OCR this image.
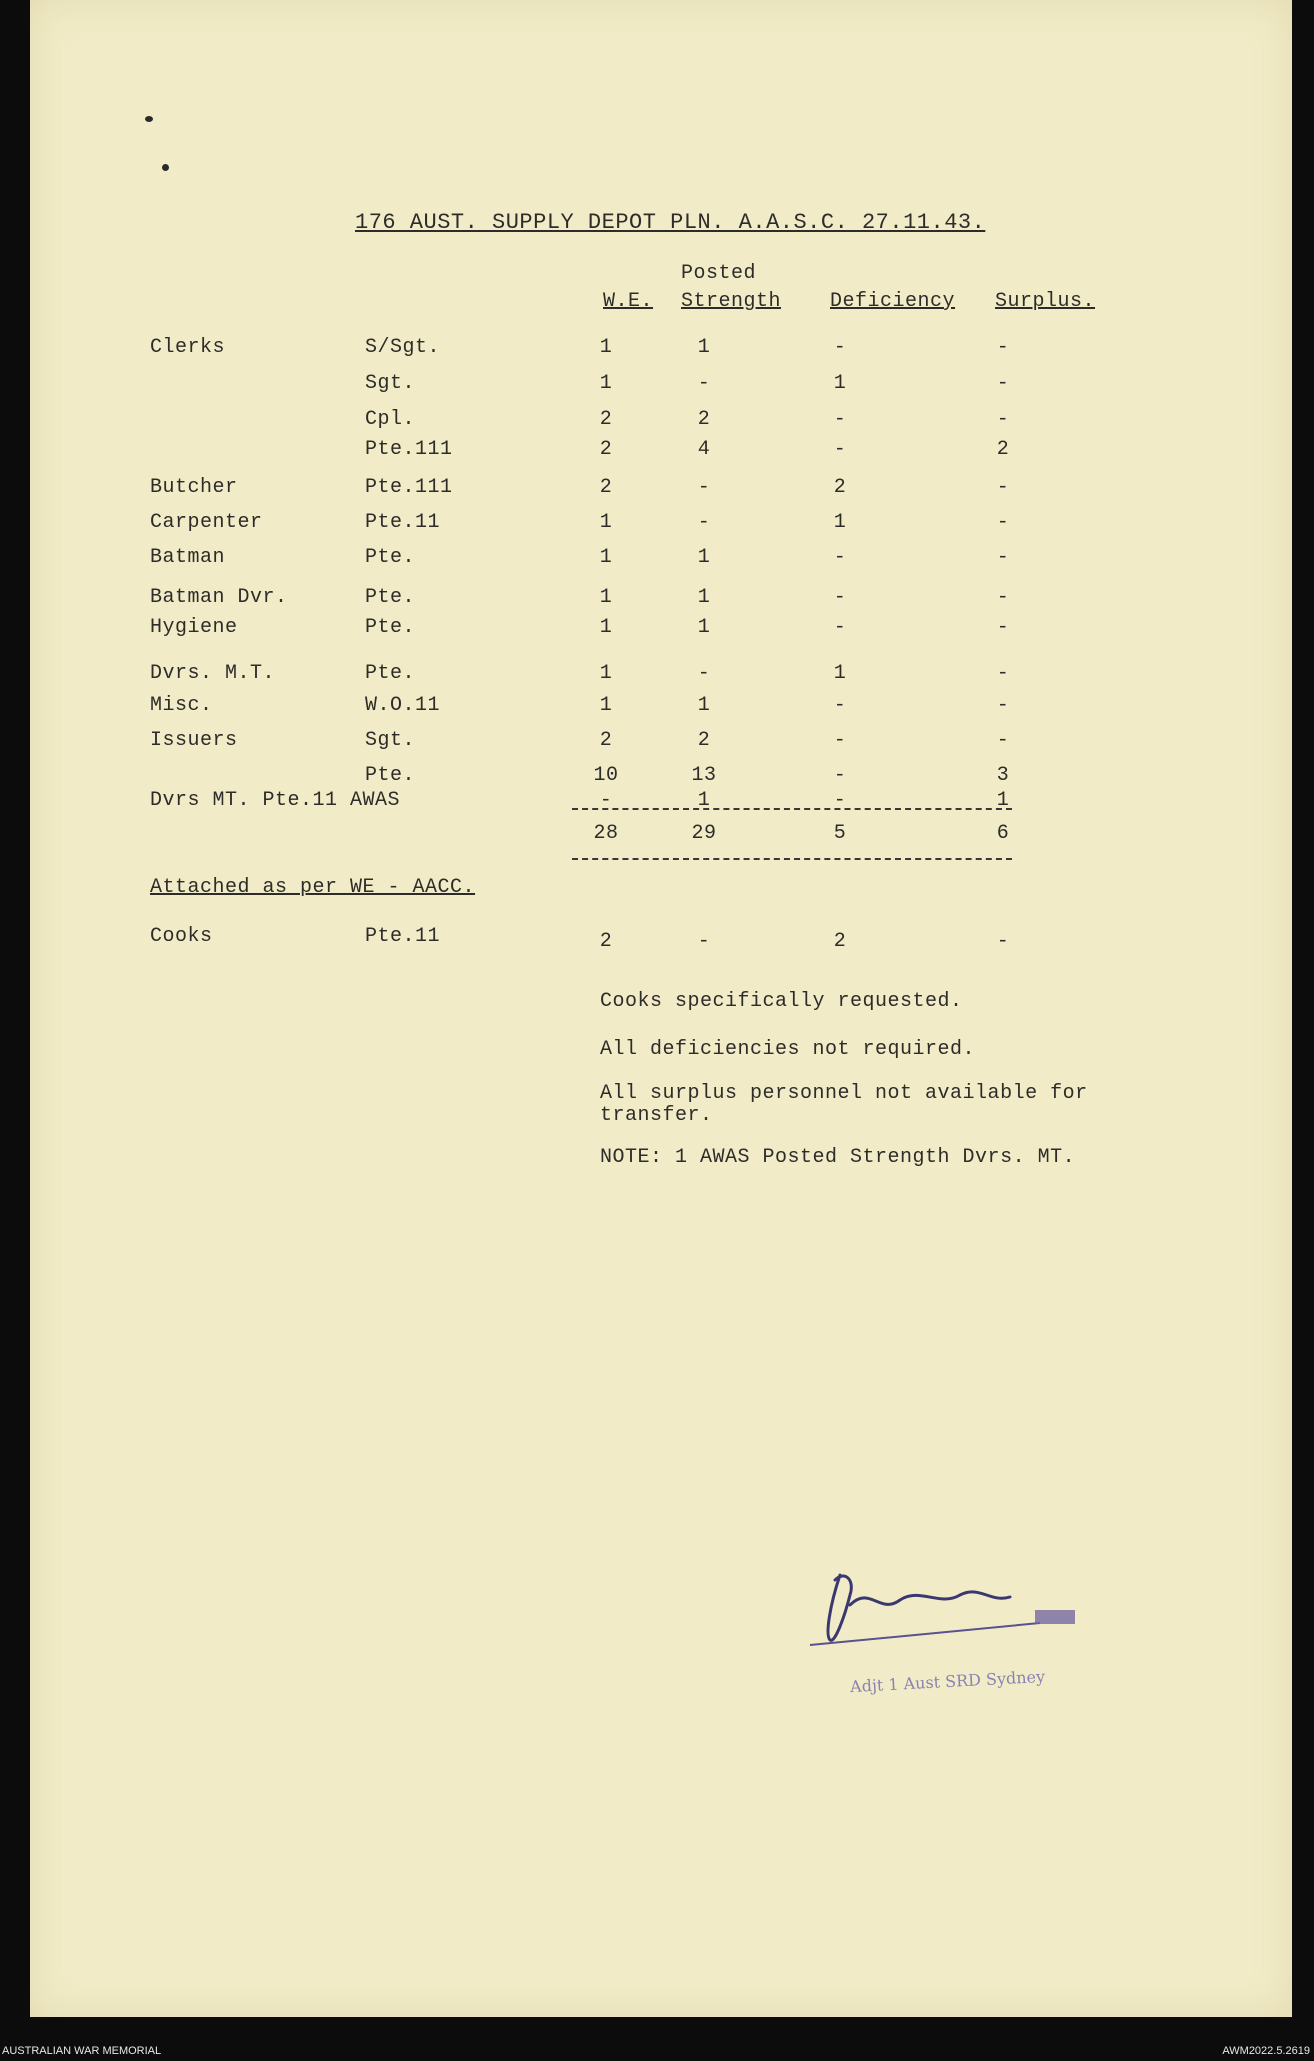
176 AUST. SUPPLY DEPOT PLN. A.A.S.C. 27.11.43.
Posted
W.E. Strength Deficiency Surplus.
Clerks	S/Sgt.	1	1	-	-
Sgt.	1	-	1	-
Cpl.	2	2	-	-
Pte.111	2	4	-	2
Butcher	Pte.111	2	-	2	-
Carpenter	Pte.11	1	-	1	-
Batman	Pte.	1	1	-	-
Batman Dvr.	Pte.	1	1	-	-
Hygiene	Pte.	1	1	-	-
Dvrs. M.T.	Pte.	1	-	1	-
Misc.	W.O.11	1	1	-	-
Issuers	Sgt.	2	2	-	-
Pte.	10	13	-	3
Dvrs MT. Pte.11 AWAS	-	1	-	1
28	29	5	6
Attached as per WE - AACC.
Cooks	Pte.11	2	-	2	-
Cooks specifically requested.
All deficiencies not required.
All surplus personnel not available for
transfer.
NOTE: 1 AWAS Posted Strength Dvrs. MT.
Adjt 1 Aust SRD Sydney
AUSTRALIAN WAR MEMORIAL	AWM2022.5.2619
